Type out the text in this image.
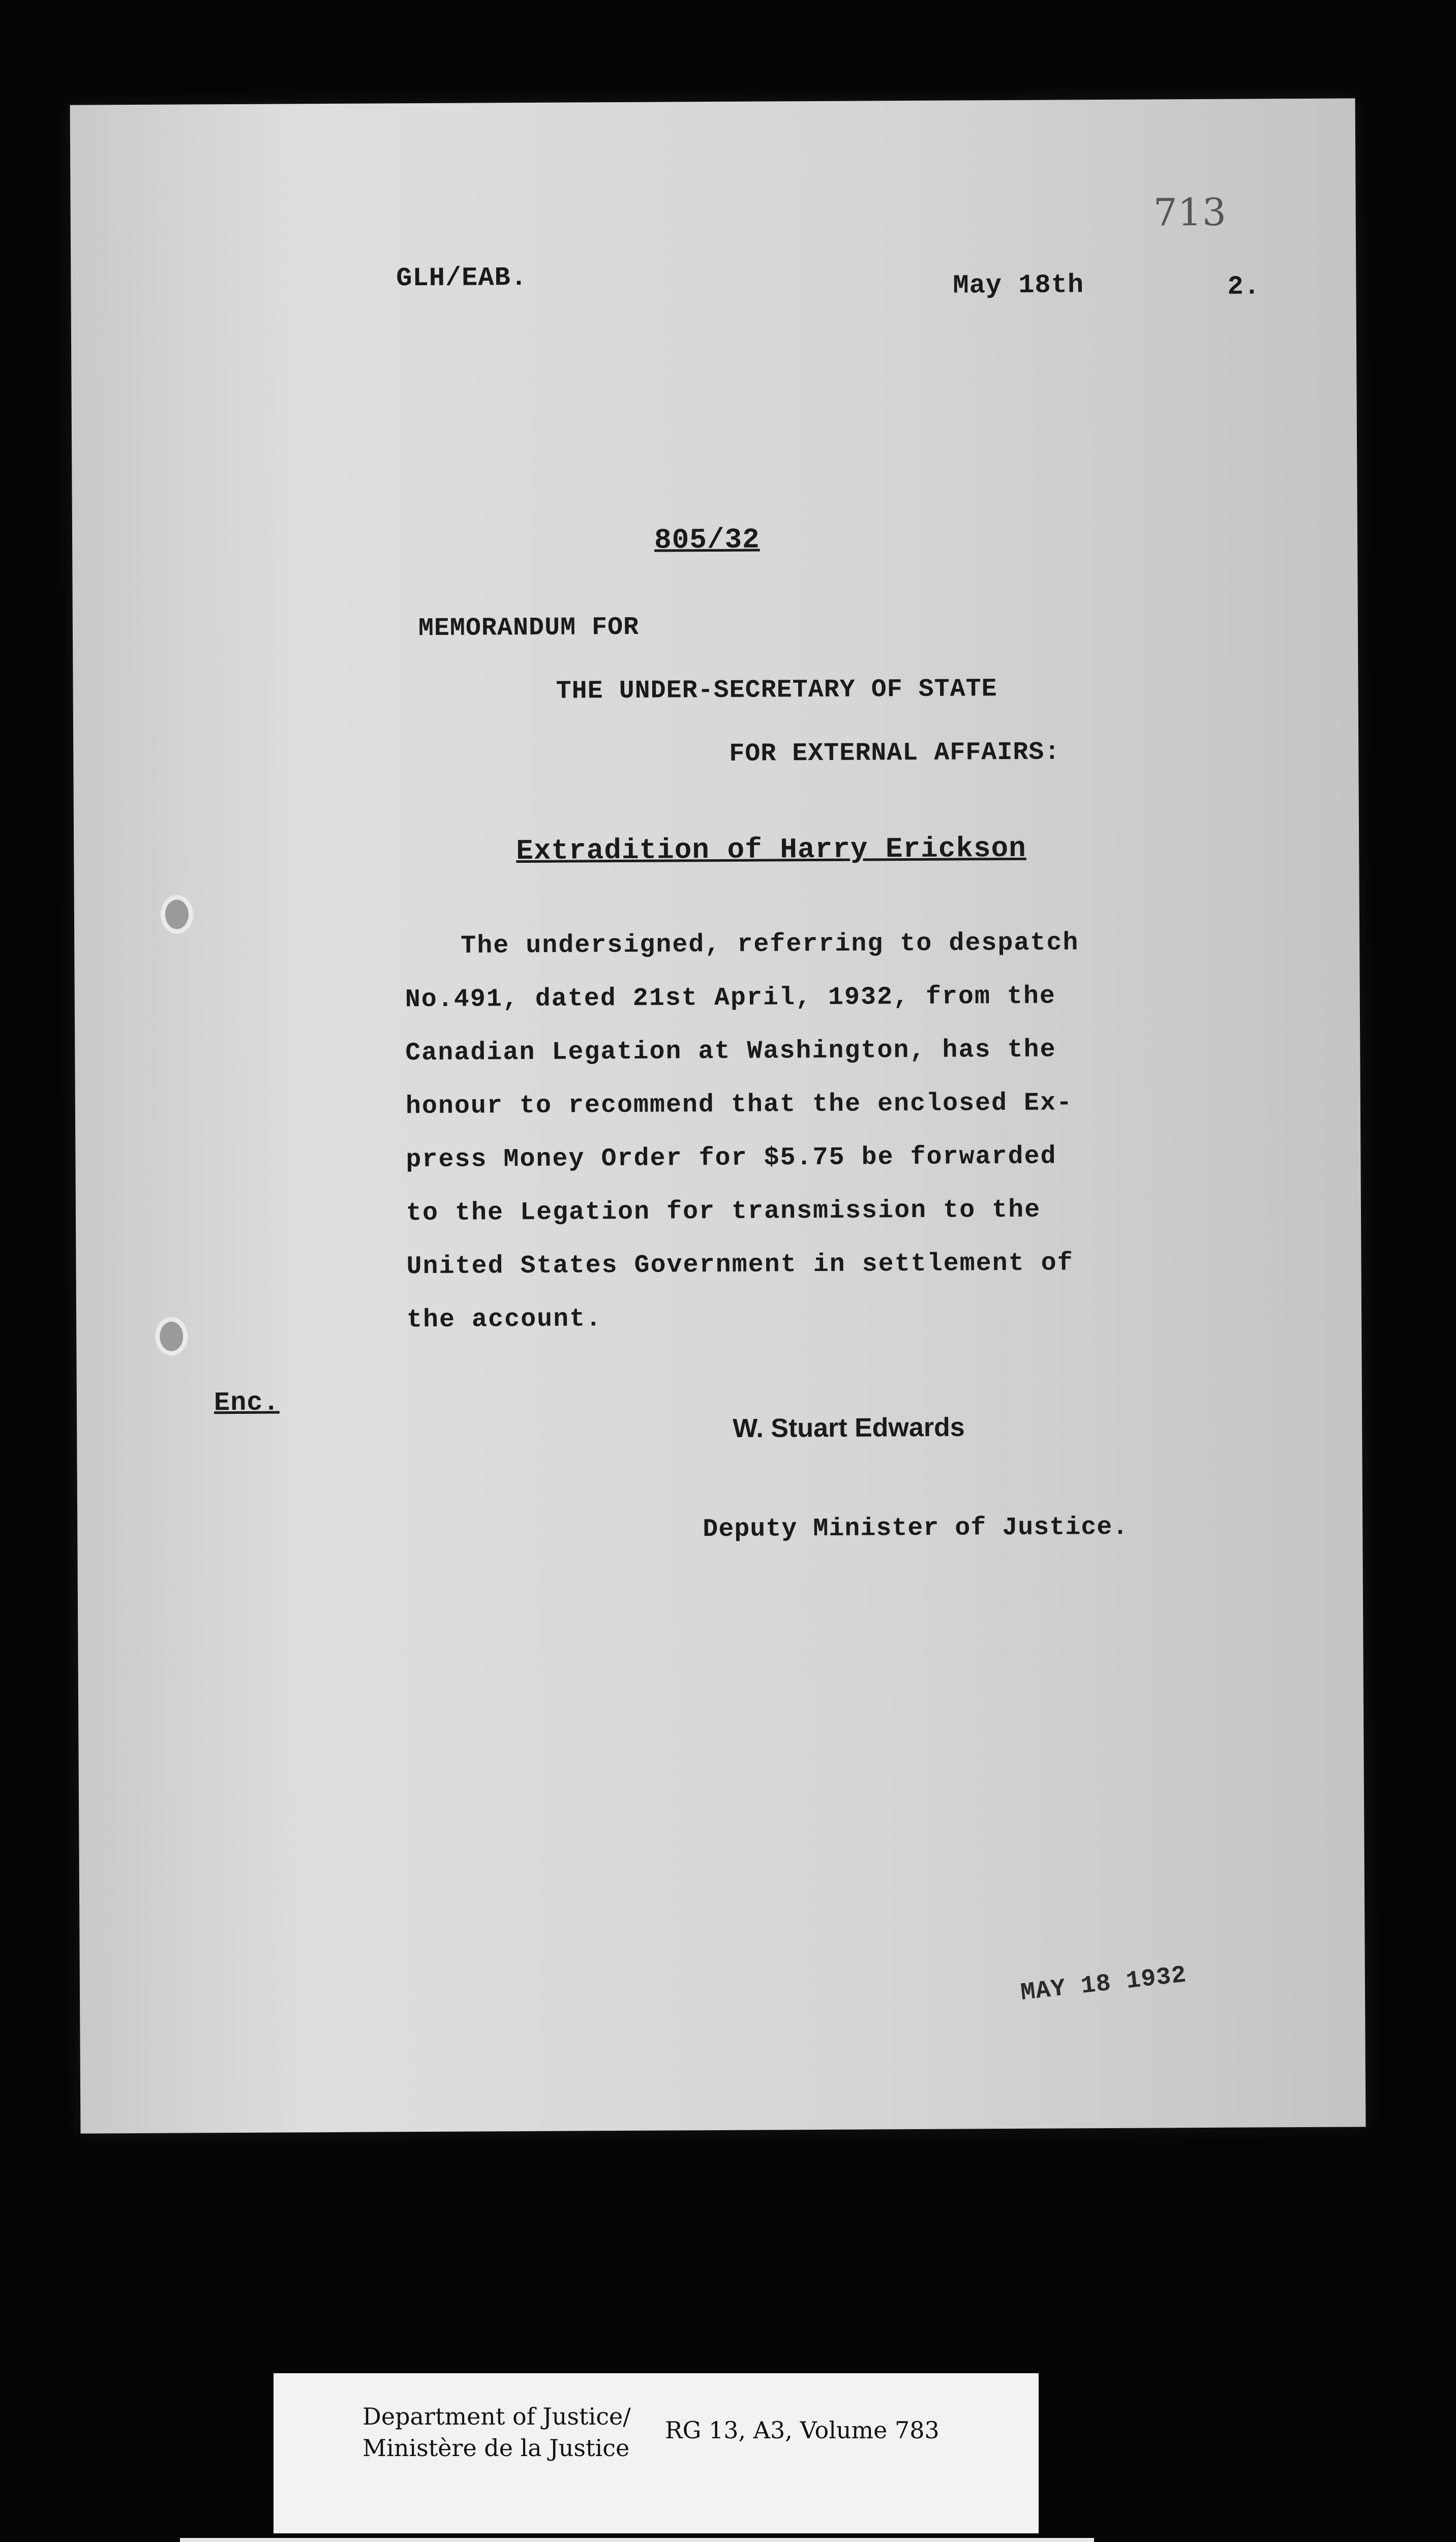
713
GLH/EAB.	May 18th	2.
805/32
MEMORANDUM FOR
THE UNDER-SECRETARY OF STATE
FOR EXTERNAL AFFAIRS:
Extradition of Harry Erickson
The undersigned, referring to despatch
No.491, dated 21st April, 1932, from the
Canadian Legation at Washington, has the
honour to recommend that the enclosed Ex-
press Money Order for $5.75 be forwarded
to the Legation for transmission to the
United States Government in settlement of
the account.
Enc.
W. Stuart Edwards
Deputy Minister of Justice.
MAY 18 1932
Department of Justice/
Ministère de la Justice
RG 13, A3, Volume 783
